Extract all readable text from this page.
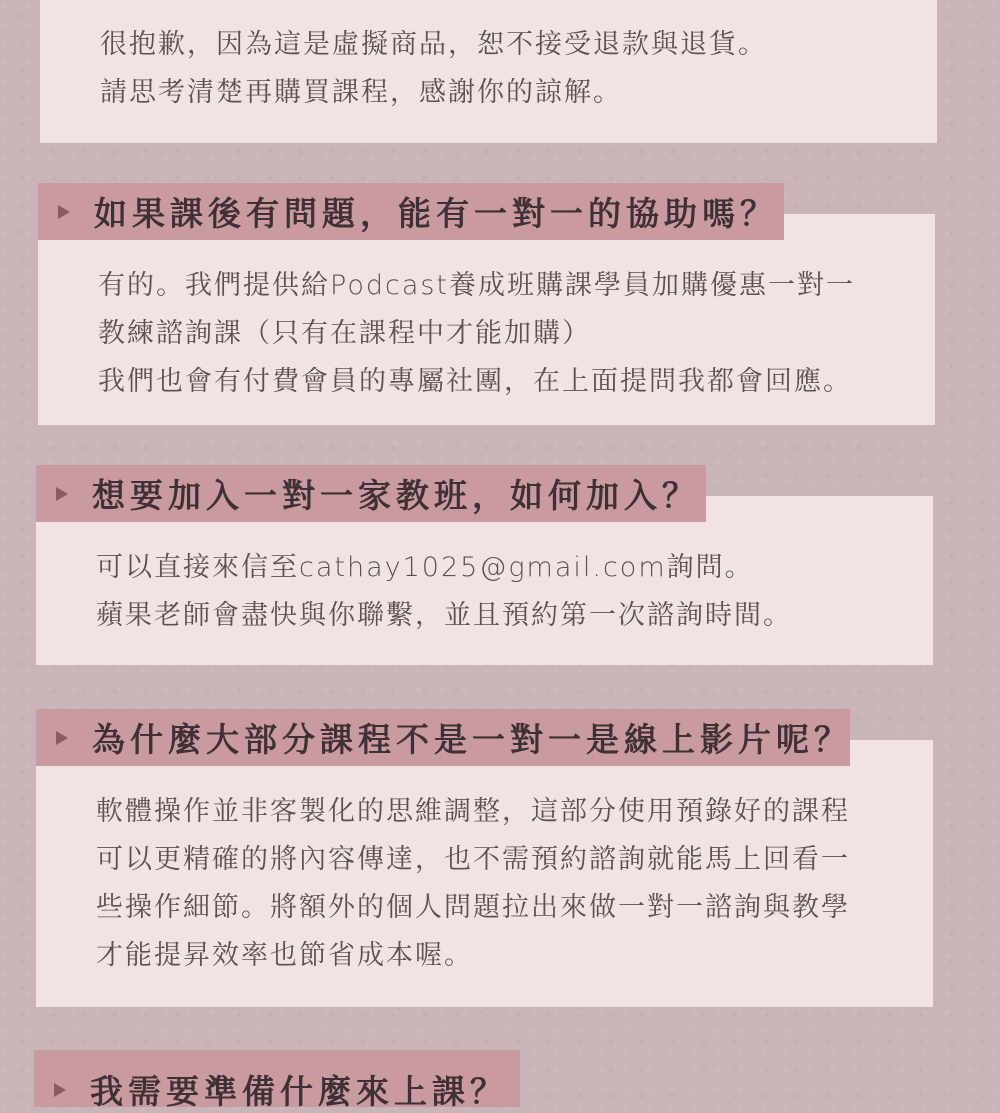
很抱歉，因為這是虛擬商品，恕不接受退款與退貨。
請思考清楚再購買課程，感謝你的諒解。
有的。我們提供給Podcast養成班購課學員加購優惠一對一
教練諮詢課（只有在課程中才能加購）
我們也會有付費會員的專屬社團，在上面提問我都會回應。
如果課後有問題，能有一對一的協助嗎？
可以直接來信至cathay1025@gmail.com詢問。
蘋果老師會盡快與你聯繫，並且預約第一次諮詢時間。
想要加入一對一家教班，如何加入？
軟體操作並非客製化的思維調整，這部分使用預錄好的課程
可以更精確的將內容傳達，也不需預約諮詢就能馬上回看一
些操作細節。將額外的個人問題拉出來做一對一諮詢與教學
才能提昇效率也節省成本喔。
為什麼大部分課程不是一對一是線上影片呢？
我需要準備什麼來上課？
